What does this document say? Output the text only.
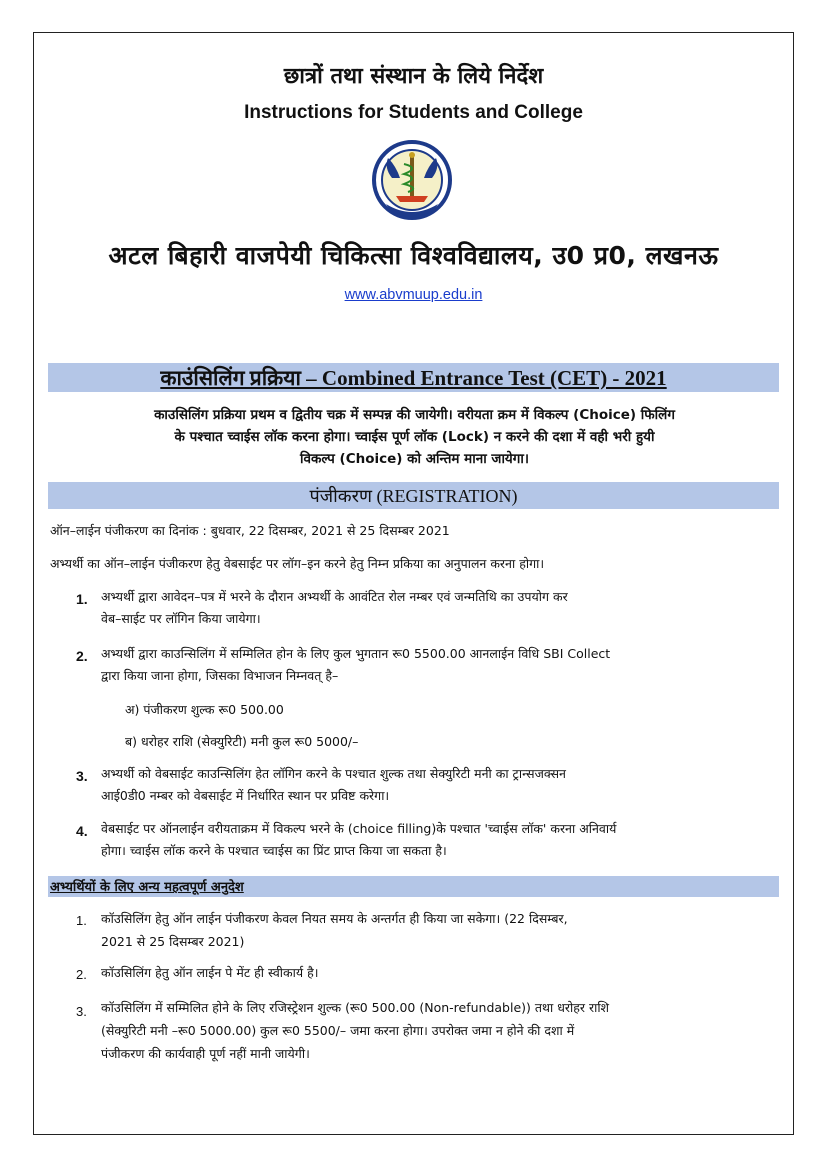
छात्रों तथा संस्थान के लिये निर्देश
Instructions for Students and College
अटल बिहारी वाजपेयी चिकित्सा विश्वविद्यालय, उ0 प्र0, लखनऊ
www.abvmuup.edu.in
काउंसिलिंग प्रक्रिया – Combined Entrance Test (CET) - 2021
काउसिलिंग प्रक्रिया प्रथम व द्वितीय चक्र में सम्पन्न की जायेगी। वरीयता क्रम में विकल्प (Choice) फिलिंग
के पश्चात च्वाईस लॉक करना होगा। च्वाईस पूर्ण लॉक (Lock) न करने की दशा में वही भरी हुयी
विकल्प (Choice) को अन्तिम माना जायेगा।
पंजीकरण (REGISTRATION)
ऑन–लाईन पंजीकरण का दिनांक : बुधवार, 22 दिसम्बर, 2021 से 25 दिसम्बर 2021
अभ्यर्थी का ऑन–लाईन पंजीकरण हेतु वेबसाईट पर लॉग–इन करने हेतु निम्न प्रकिया का अनुपालन करना होगा।
1. अभ्यर्थी द्वारा आवेदन–पत्र में भरने के दौरान अभ्यर्थी के आवंटित रोल नम्बर एवं जन्मतिथि का उपयोग कर
वेब–साईट पर लॉगिन किया जायेगा।
2. अभ्यर्थी द्वारा काउन्सिलिंग में सम्मिलित होन के लिए कुल भुगतान रू0 5500.00 आनलाईन विधि SBI Collect
द्वारा किया जाना होगा, जिसका विभाजन निम्नवत् है–
अ) पंजीकरण शुल्क रू0 500.00
ब) धरोहर राशि (सेक्युरिटी) मनी कुल रू0 5000/–
3. अभ्यर्थी को वेबसाईट काउन्सिलिंग हेत लॉगिन करने के पश्चात शुल्क तथा सेक्युरिटी मनी का ट्रान्सजक्सन
आई0डी0 नम्बर को वेबसाईट में निर्धारित स्थान पर प्रविष्ट करेगा।
4. वेबसाईट पर ऑनलाईन वरीयताक्रम में विकल्प भरने के (choice filling)के पश्चात 'च्वाईस लॉक' करना अनिवार्य
होगा। च्वाईस लॉक करने के पश्चात च्वाईस का प्रिंट प्राप्त किया जा सकता है।
अभ्यर्थियों के लिए अन्य महत्वपूर्ण अनुदेश
1. कॉउसिलिंग हेतु ऑन लाईन पंजीकरण केवल नियत समय के अन्तर्गत ही किया जा सकेगा। (22 दिसम्बर,
2021 से 25 दिसम्बर 2021)
2. कॉउसिलिंग हेतु ऑन लाईन पे मेंट ही स्वीकार्य है।
3. कॉउसिलिंग में सम्मिलित होने के लिए रजिस्ट्रेशन शुल्क (रू0 500.00 (Non-refundable)) तथा धरोहर राशि
(सेक्युरिटी मनी –रू0 5000.00) कुल रू0 5500/– जमा करना होगा। उपरोक्त जमा न होने की दशा में
पंजीकरण की कार्यवाही पूर्ण नहीं मानी जायेगी।
